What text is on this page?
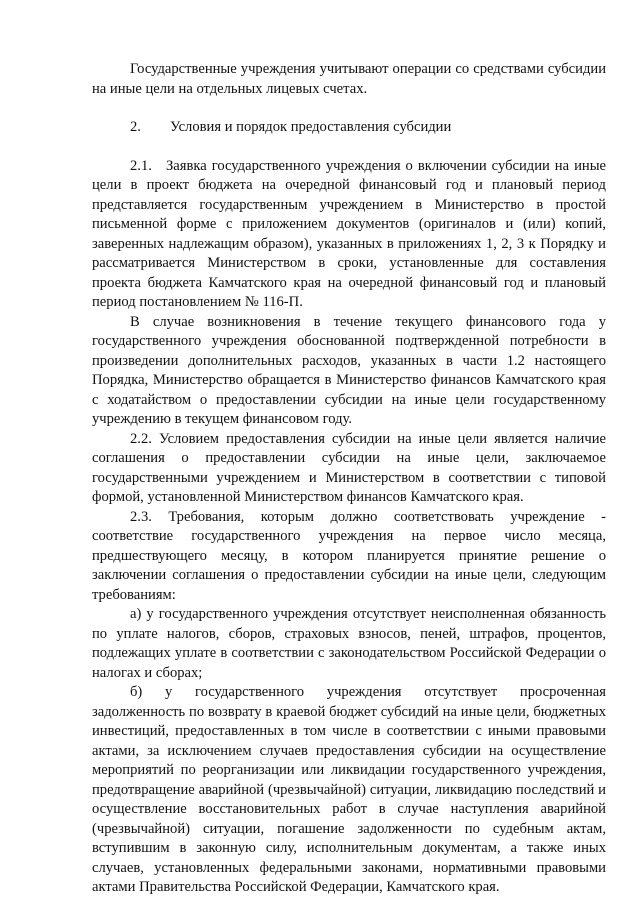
Государственные учреждения учитывают операции со средствами субсидии на иные цели на отдельных лицевых счетах.

2. Условия и порядок предоставления субсидии

2.1. Заявка государственного учреждения о включении субсидии на иные цели в проект бюджета на очередной финансовый год и плановый период представляется государственным учреждением в Министерство в простой письменной форме с приложением документов (оригиналов и (или) копий, заверенных надлежащим образом), указанных в приложениях 1, 2, 3 к Порядку и рассматривается Министерством в сроки, установленные для составления проекта бюджета Камчатского края на очередной финансовый год и плановый период постановлением № 116-П.

В случае возникновения в течение текущего финансового года у государственного учреждения обоснованной подтвержденной потребности в произведении дополнительных расходов, указанных в части 1.2 настоящего Порядка, Министерство обращается в Министерство финансов Камчатского края с ходатайством о предоставлении субсидии на иные цели государственному учреждению в текущем финансовом году.

2.2. Условием предоставления субсидии на иные цели является наличие соглашения о предоставлении субсидии на иные цели, заключаемое государственными учреждением и Министерством в соответствии с типовой формой, установленной Министерством финансов Камчатского края.

2.3. Требования, которым должно соответствовать учреждение - соответствие государственного учреждения на первое число месяца, предшествующего месяцу, в котором планируется принятие решение о заключении соглашения о предоставлении субсидии на иные цели, следующим требованиям:

а) у государственного учреждения отсутствует неисполненная обязанность по уплате налогов, сборов, страховых взносов, пеней, штрафов, процентов, подлежащих уплате в соответствии с законодательством Российской Федерации о налогах и сборах;

б) у государственного учреждения отсутствует просроченная задолженность по возврату в краевой бюджет субсидий на иные цели, бюджетных инвестиций, предоставленных в том числе в соответствии с иными правовыми актами, за исключением случаев предоставления субсидии на осуществление мероприятий по реорганизации или ликвидации государственного учреждения, предотвращение аварийной (чрезвычайной) ситуации, ликвидацию последствий и осуществление восстановительных работ в случае наступления аварийной (чрезвычайной) ситуации, погашение задолженности по судебным актам, вступившим в законную силу, исполнительным документам, а также иных случаев, установленных федеральными законами, нормативными правовыми актами Правительства Российской Федерации, Камчатского края.
